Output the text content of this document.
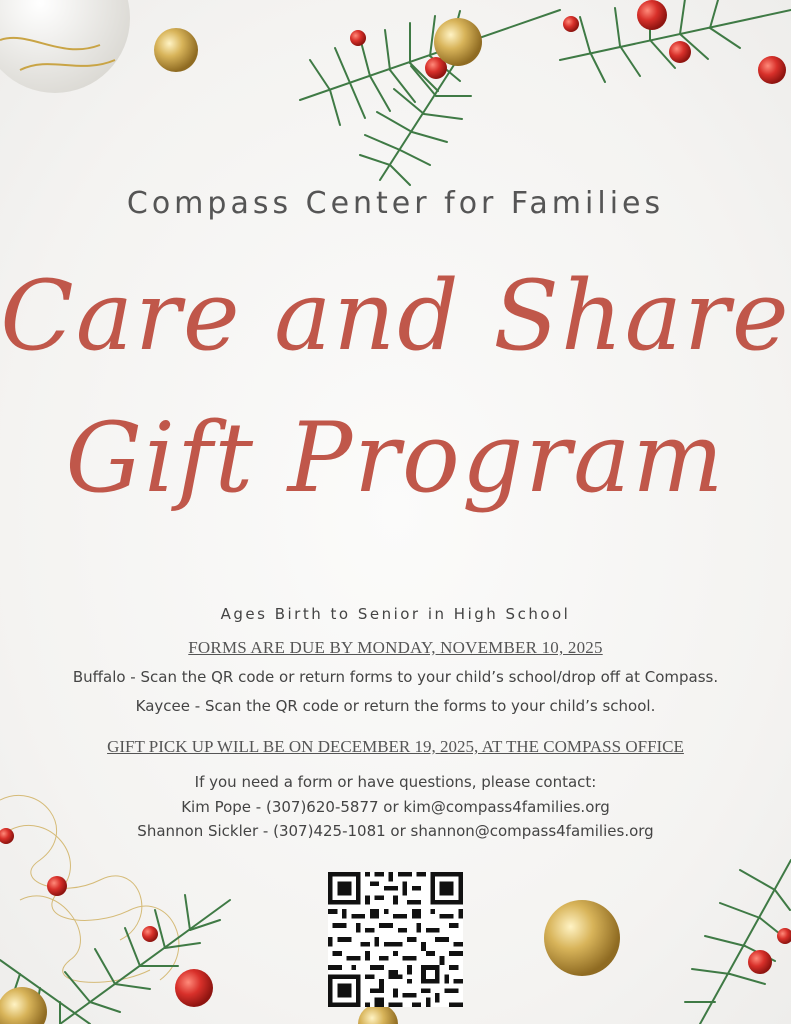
Compass Center for Families
Care and Share
Gift Program
Ages Birth to Senior in High School
FORMS ARE DUE BY MONDAY, NOVEMBER 10, 2025
Buffalo - Scan the QR code or return forms to your child’s school/drop off at Compass.
Kaycee - Scan the QR code or return the forms to your child’s school.
GIFT PICK UP WILL BE ON DECEMBER 19, 2025, AT THE COMPASS OFFICE
If you need a form or have questions, please contact:
Kim Pope - (307)620-5877 or kim@compass4families.org
Shannon Sickler - (307)425-1081 or shannon@compass4families.org
